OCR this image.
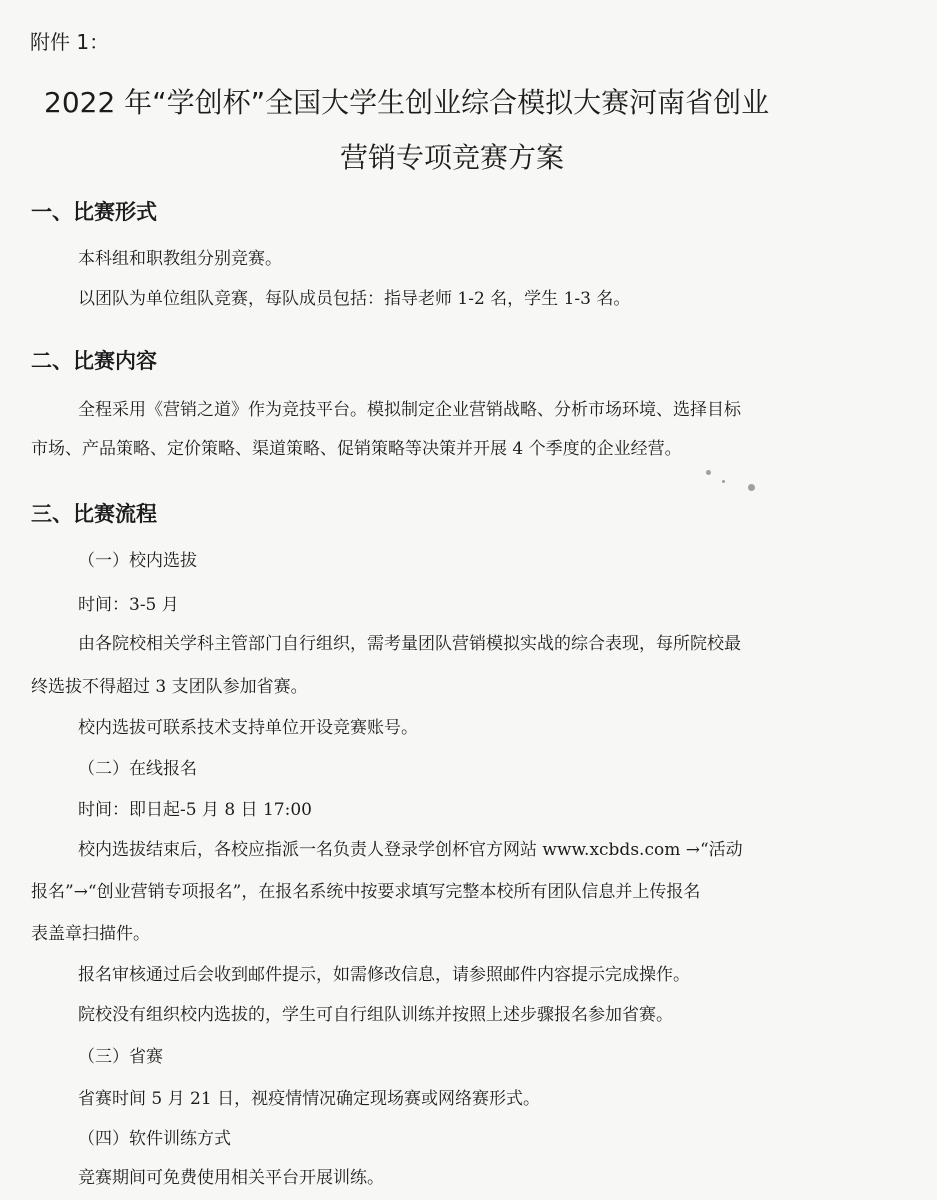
附件 1：
2022 年“学创杯”全国大学生创业综合模拟大赛河南省创业
营销专项竞赛方案
一、比赛形式
本科组和职教组分别竞赛。
以团队为单位组队竞赛，每队成员包括：指导老师 1-2 名，学生 1-3 名。
二、比赛内容
全程采用《营销之道》作为竞技平台。模拟制定企业营销战略、分析市场环境、选择目标
市场、产品策略、定价策略、渠道策略、促销策略等决策并开展 4 个季度的企业经营。
三、比赛流程
（一）校内选拔
时间：3-5 月
由各院校相关学科主管部门自行组织，需考量团队营销模拟实战的综合表现，每所院校最
终选拔不得超过 3 支团队参加省赛。
校内选拔可联系技术支持单位开设竞赛账号。
（二）在线报名
时间：即日起-5 月 8 日 17:00
校内选拔结束后，各校应指派一名负责人登录学创杯官方网站 www.xcbds.com →“活动
报名”→“创业营销专项报名”，在报名系统中按要求填写完整本校所有团队信息并上传报名
表盖章扫描件。
报名审核通过后会收到邮件提示，如需修改信息，请参照邮件内容提示完成操作。
院校没有组织校内选拔的，学生可自行组队训练并按照上述步骤报名参加省赛。
（三）省赛
省赛时间 5 月 21 日，视疫情情况确定现场赛或网络赛形式。
（四）软件训练方式
竞赛期间可免费使用相关平台开展训练。
